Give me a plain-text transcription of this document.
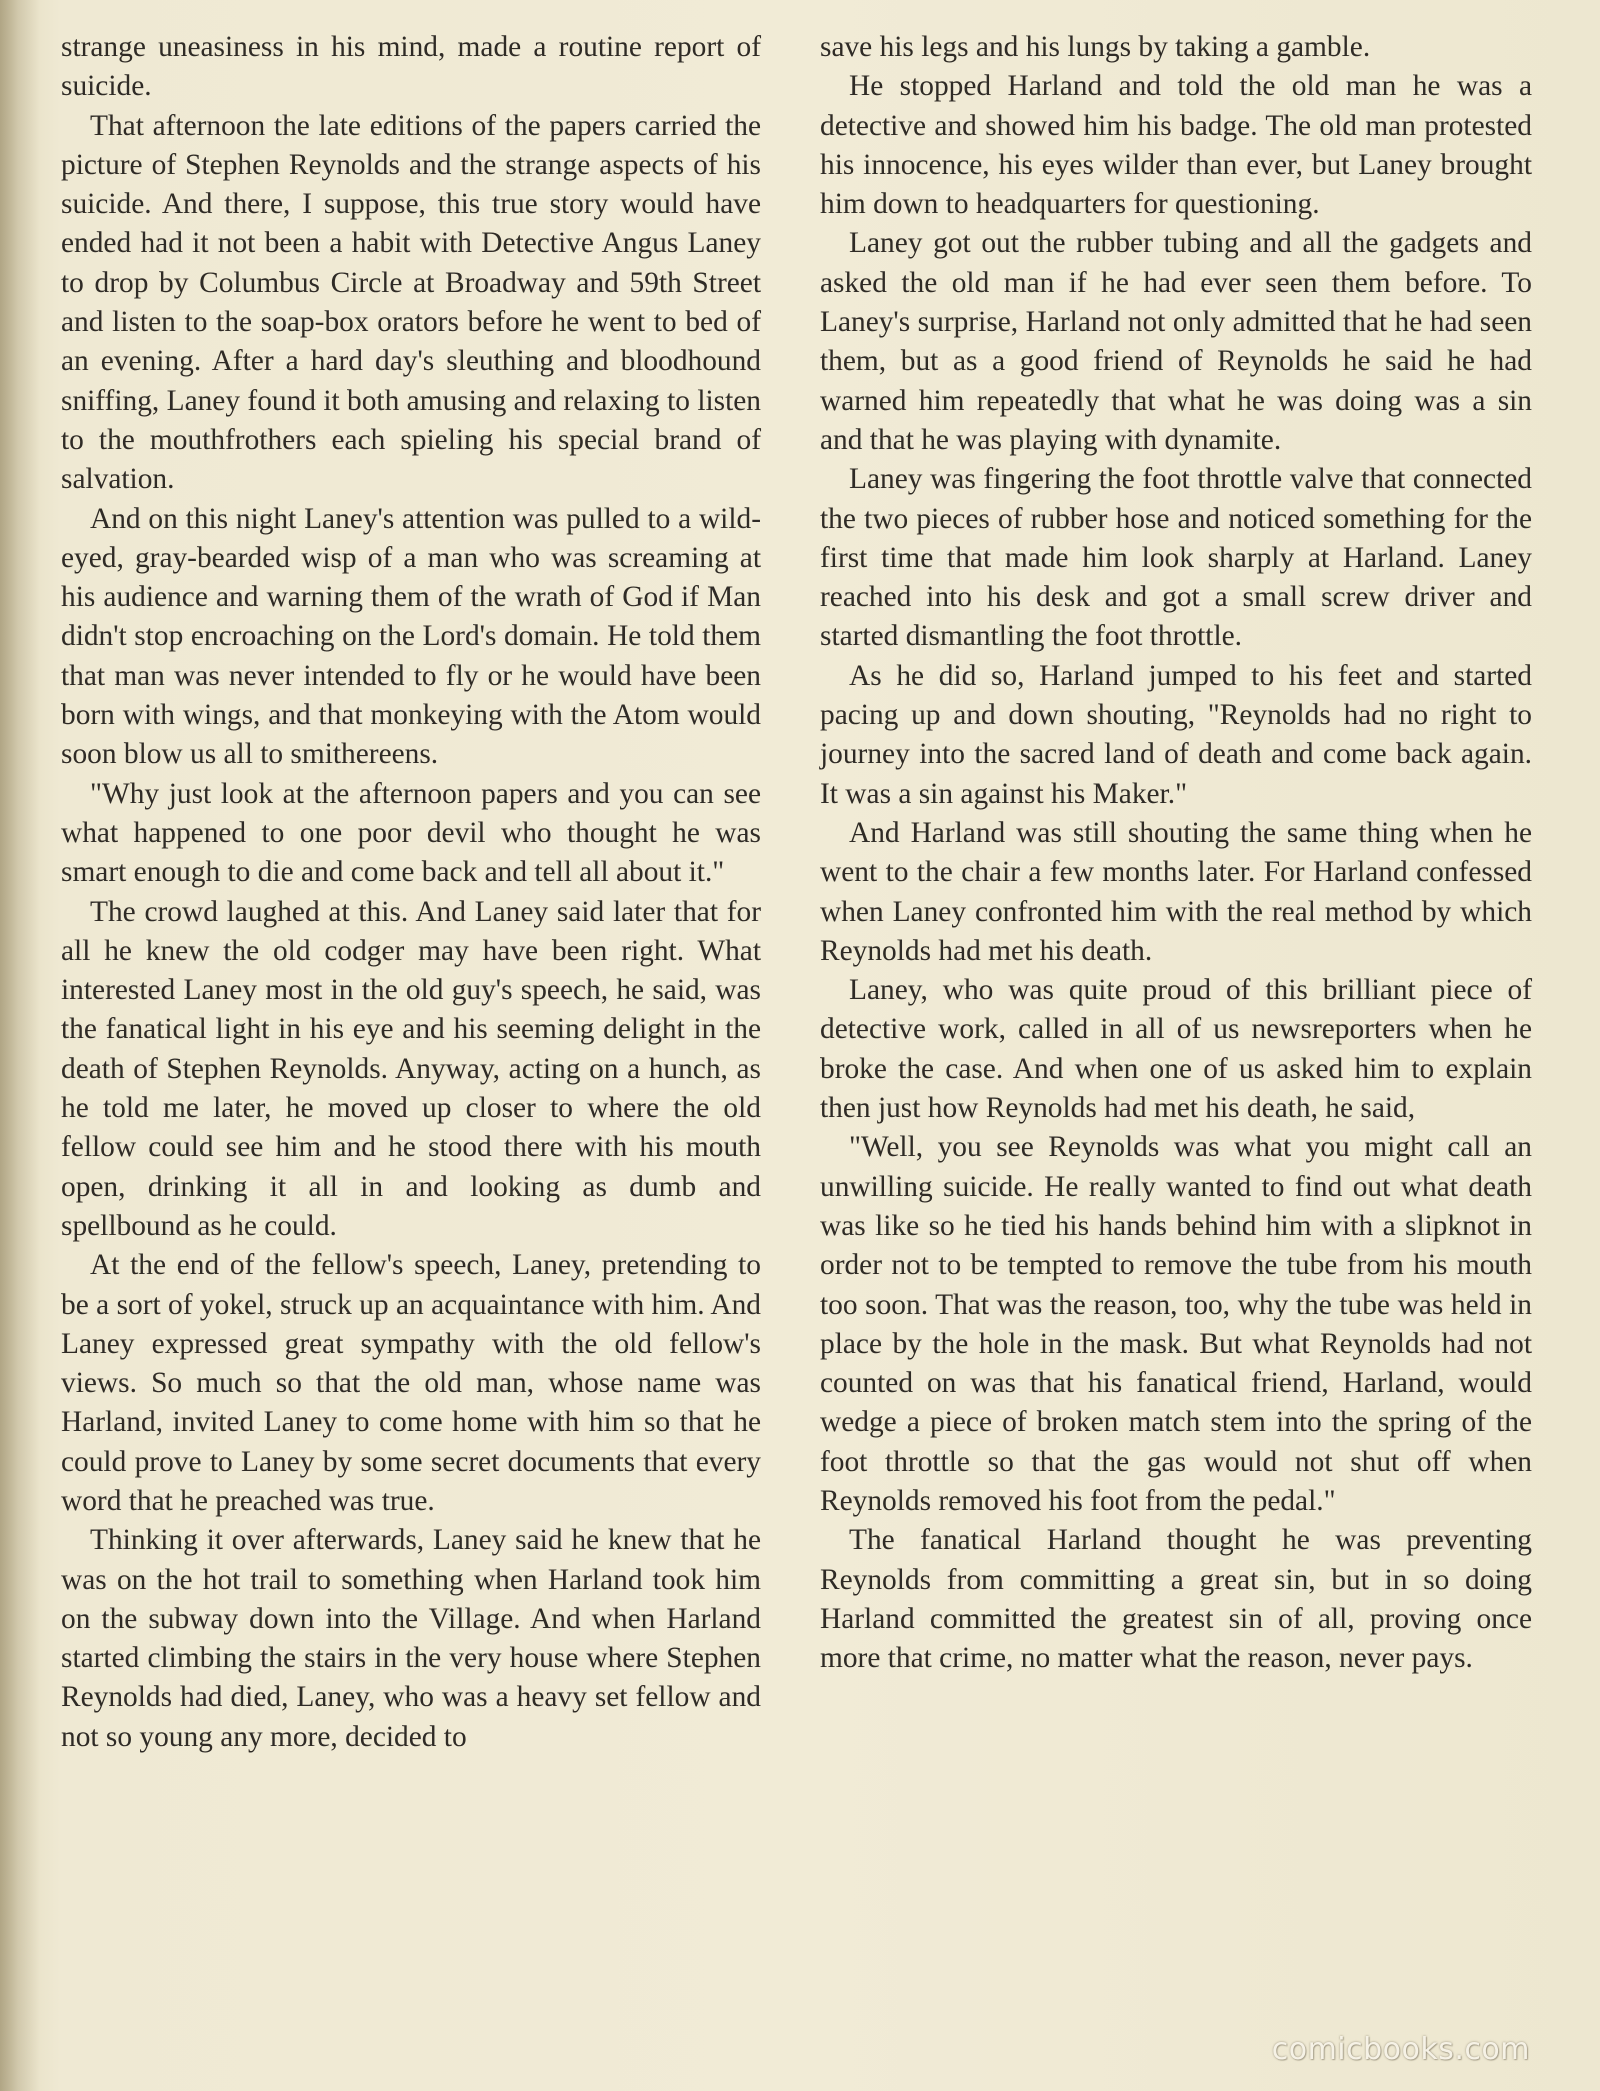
strange uneasiness in his mind, made a routine report of suicide.

That afternoon the late editions of the papers carried the picture of Stephen Reynolds and the strange aspects of his suicide. And there, I suppose, this true story would have ended had it not been a habit with Detective Angus Laney to drop by Columbus Circle at Broadway and 59th Street and listen to the soap-box orators before he went to bed of an evening. After a hard day's sleuthing and bloodhound sniffing, Laney found it both amusing and relaxing to listen to the mouthfrothers each spieling his special brand of salvation.

And on this night Laney's attention was pulled to a wild-eyed, gray-bearded wisp of a man who was screaming at his audience and warning them of the wrath of God if Man didn't stop encroaching on the Lord's domain. He told them that man was never intended to fly or he would have been born with wings, and that monkeying with the Atom would soon blow us all to smithereens.

"Why just look at the afternoon papers and you can see what happened to one poor devil who thought he was smart enough to die and come back and tell all about it."

The crowd laughed at this. And Laney said later that for all he knew the old codger may have been right. What interested Laney most in the old guy's speech, he said, was the fanatical light in his eye and his seeming delight in the death of Stephen Reynolds. Anyway, acting on a hunch, as he told me later, he moved up closer to where the old fellow could see him and he stood there with his mouth open, drinking it all in and looking as dumb and spellbound as he could.

At the end of the fellow's speech, Laney, pretending to be a sort of yokel, struck up an acquaintance with him. And Laney expressed great sympathy with the old fellow's views. So much so that the old man, whose name was Harland, invited Laney to come home with him so that he could prove to Laney by some secret documents that every word that he preached was true.

Thinking it over afterwards, Laney said he knew that he was on the hot trail to something when Harland took him on the subway down into the Village. And when Harland started climbing the stairs in the very house where Stephen Reynolds had died, Laney, who was a heavy set fellow and not so young any more, decided to

save his legs and his lungs by taking a gamble.

He stopped Harland and told the old man he was a detective and showed him his badge. The old man protested his innocence, his eyes wilder than ever, but Laney brought him down to headquarters for questioning.

Laney got out the rubber tubing and all the gadgets and asked the old man if he had ever seen them before. To Laney's surprise, Harland not only admitted that he had seen them, but as a good friend of Reynolds he said he had warned him repeatedly that what he was doing was a sin and that he was playing with dynamite.

Laney was fingering the foot throttle valve that connected the two pieces of rubber hose and noticed something for the first time that made him look sharply at Harland. Laney reached into his desk and got a small screw driver and started dismantling the foot throttle.

As he did so, Harland jumped to his feet and started pacing up and down shouting, "Reynolds had no right to journey into the sacred land of death and come back again. It was a sin against his Maker."

And Harland was still shouting the same thing when he went to the chair a few months later. For Harland confessed when Laney confronted him with the real method by which Reynolds had met his death.

Laney, who was quite proud of this brilliant piece of detective work, called in all of us newsreporters when he broke the case. And when one of us asked him to explain then just how Reynolds had met his death, he said,

"Well, you see Reynolds was what you might call an unwilling suicide. He really wanted to find out what death was like so he tied his hands behind him with a slipknot in order not to be tempted to remove the tube from his mouth too soon. That was the reason, too, why the tube was held in place by the hole in the mask. But what Reynolds had not counted on was that his fanatical friend, Harland, would wedge a piece of broken match stem into the spring of the foot throttle so that the gas would not shut off when Reynolds removed his foot from the pedal."

The fanatical Harland thought he was preventing Reynolds from committing a great sin, but in so doing Harland committed the greatest sin of all, proving once more that crime, no matter what the reason, never pays.

comicbooks.com
